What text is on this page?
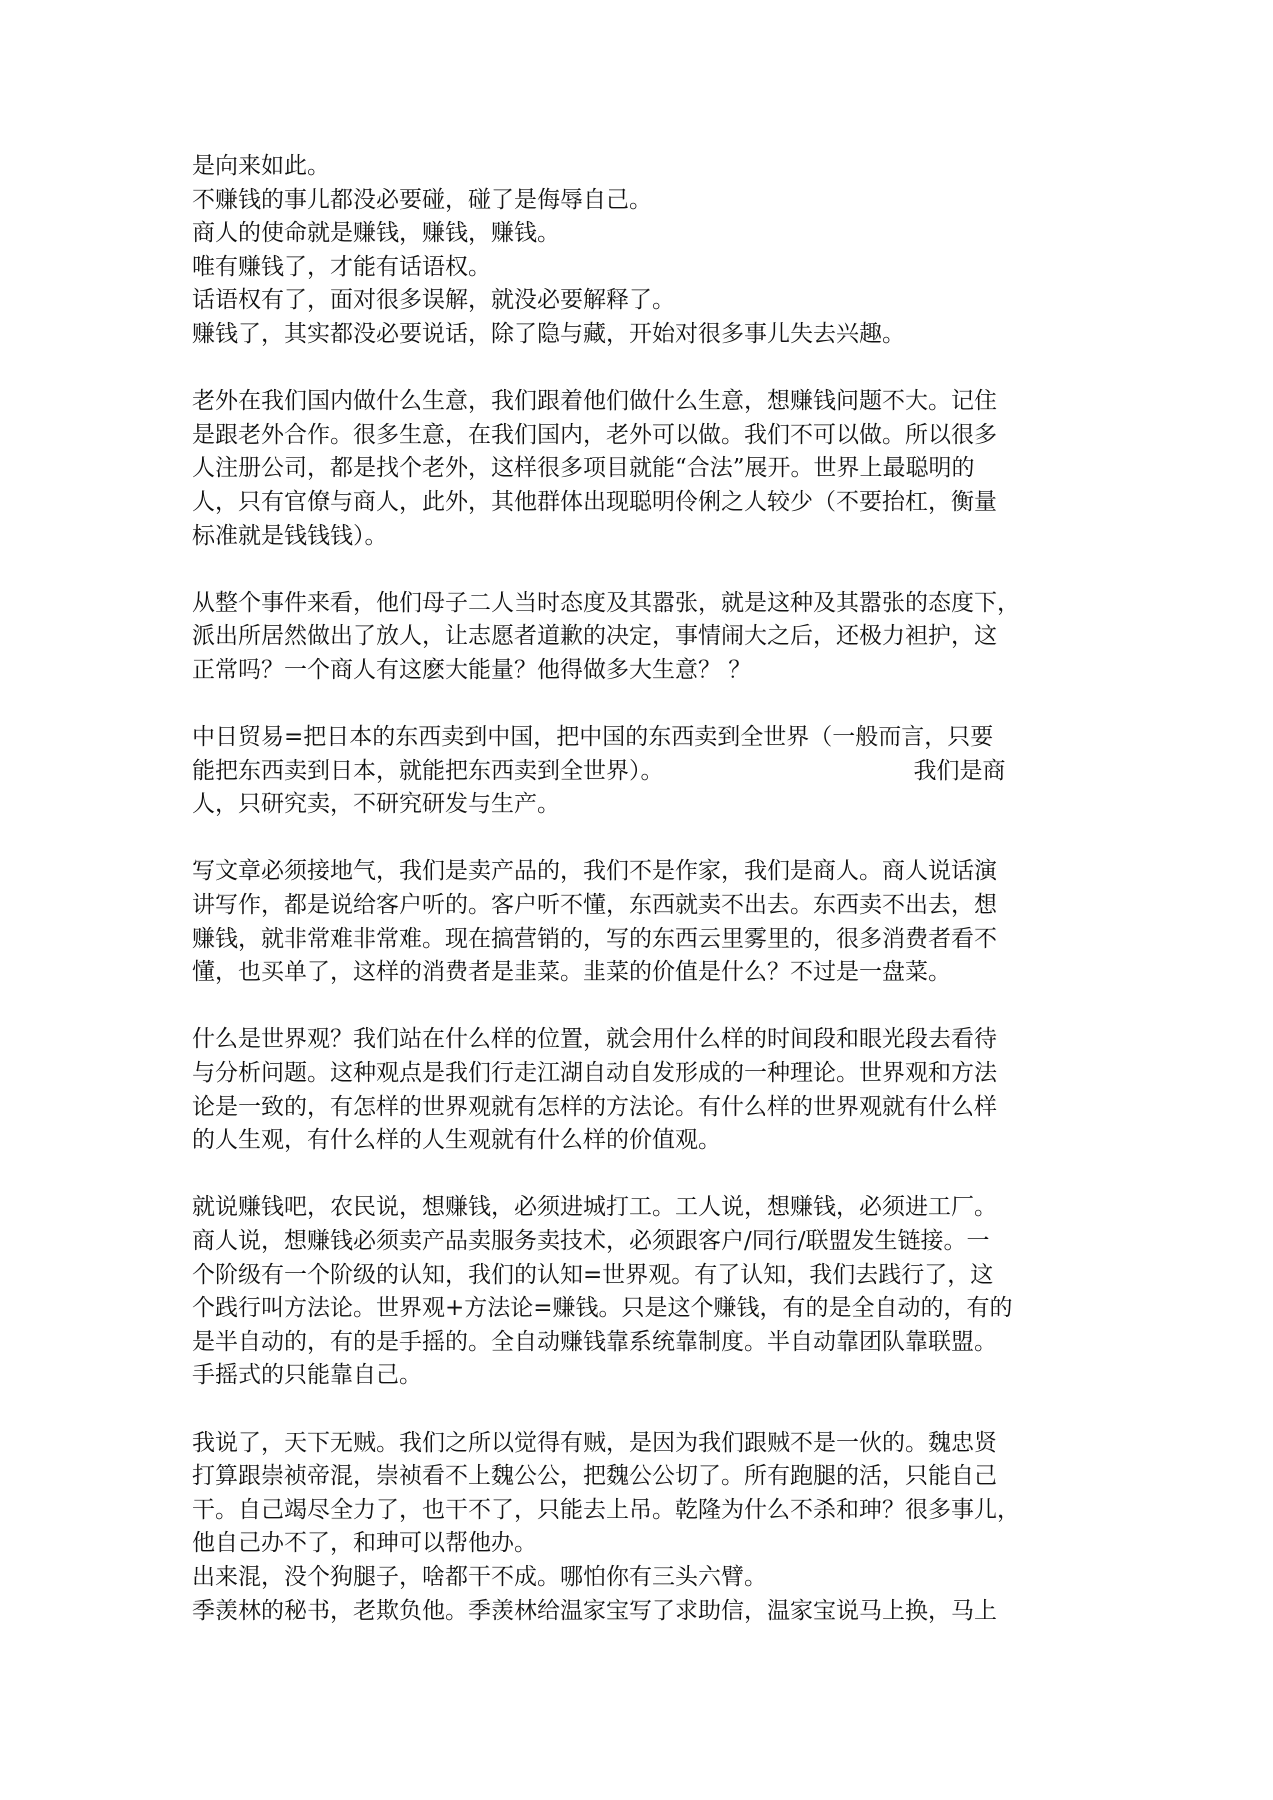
是向来如此。
不赚钱的事儿都没必要碰，碰了是侮辱自己。
商人的使命就是赚钱，赚钱，赚钱。
唯有赚钱了，才能有话语权。
话语权有了，面对很多误解，就没必要解释了。
赚钱了，其实都没必要说话，除了隐与藏，开始对很多事儿失去兴趣。

老外在我们国内做什么生意，我们跟着他们做什么生意，想赚钱问题不大。记住
是跟老外合作。很多生意，在我们国内，老外可以做。我们不可以做。所以很多
人注册公司，都是找个老外，这样很多项目就能“合法”展开。世界上最聪明的
人，只有官僚与商人，此外，其他群体出现聪明伶俐之人较少（不要抬杠，衡量
标准就是钱钱钱）。

从整个事件来看，他们母子二人当时态度及其嚣张，就是这种及其嚣张的态度下，
派出所居然做出了放人，让志愿者道歉的决定，事情闹大之后，还极力袒护，这
正常吗？一个商人有这麽大能量？他得做多大生意？ ？

中日贸易=把日本的东西卖到中国，把中国的东西卖到全世界（一般而言，只要
能把东西卖到日本，就能把东西卖到全世界）。	我们是商
人，只研究卖，不研究研发与生产。

写文章必须接地气，我们是卖产品的，我们不是作家，我们是商人。商人说话演
讲写作，都是说给客户听的。客户听不懂，东西就卖不出去。东西卖不出去，想
赚钱，就非常难非常难。现在搞营销的，写的东西云里雾里的，很多消费者看不
懂，也买单了，这样的消费者是韭菜。韭菜的价值是什么？不过是一盘菜。

什么是世界观？我们站在什么样的位置，就会用什么样的时间段和眼光段去看待
与分析问题。这种观点是我们行走江湖自动自发形成的一种理论。世界观和方法
论是一致的，有怎样的世界观就有怎样的方法论。有什么样的世界观就有什么样
的人生观，有什么样的人生观就有什么样的价值观。

就说赚钱吧，农民说，想赚钱，必须进城打工。工人说，想赚钱，必须进工厂。
商人说，想赚钱必须卖产品卖服务卖技术，必须跟客户/同行/联盟发生链接。一
个阶级有一个阶级的认知，我们的认知=世界观。有了认知，我们去践行了，这
个践行叫方法论。世界观+方法论=赚钱。只是这个赚钱，有的是全自动的，有的
是半自动的，有的是手摇的。全自动赚钱靠系统靠制度。半自动靠团队靠联盟。
手摇式的只能靠自己。

我说了，天下无贼。我们之所以觉得有贼，是因为我们跟贼不是一伙的。魏忠贤
打算跟崇祯帝混，崇祯看不上魏公公，把魏公公切了。所有跑腿的活，只能自己
干。自己竭尽全力了，也干不了，只能去上吊。乾隆为什么不杀和珅？很多事儿，
他自己办不了，和珅可以帮他办。
出来混，没个狗腿子，啥都干不成。哪怕你有三头六臂。
季羡林的秘书，老欺负他。季羡林给温家宝写了求助信，温家宝说马上换，马上
